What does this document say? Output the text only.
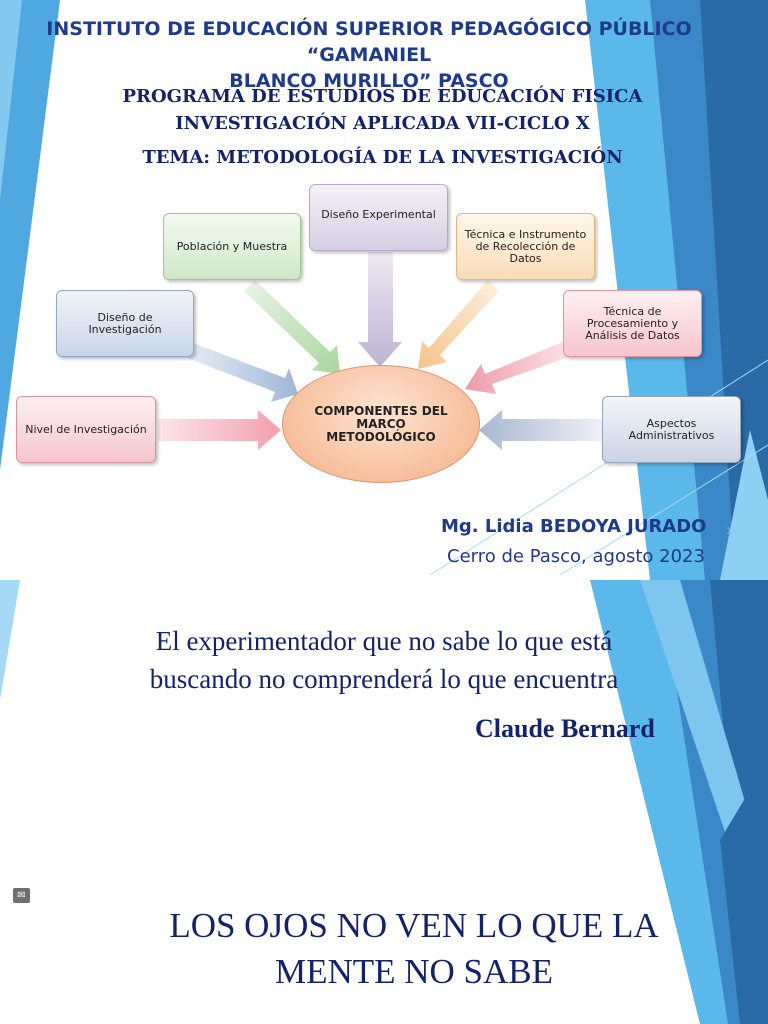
INSTITUTO DE EDUCACIÓN SUPERIOR PEDAGÓGICO PÚBLICO “GAMANIEL
BLANCO MURILLO” PASCO

PROGRAMA DE ESTUDIOS DE EDUCACIÓN FISICA

INVESTIGACIÓN APLICADA VII-CICLO X

TEMA: METODOLOGÍA DE LA INVESTIGACIÓN

COMPONENTES DEL MARCO METODOLÓGICO
Diseño Experimental
Población y Muestra
Técnica e Instrumento de Recolección de Datos
Diseño de Investigación
Técnica de Procesamiento y Análisis de Datos
Nivel de Investigación	Aspectos Administrativos
Mg. Lidia BEDOYA JURADO 1
Cerro de Pasco, agosto 2023

El experimentador que no sabe lo que está
buscando no comprenderá lo que encuentra

Claude Bernard
✉

LOS OJOS NO VEN LO QUE LA
MENTE NO SABE
